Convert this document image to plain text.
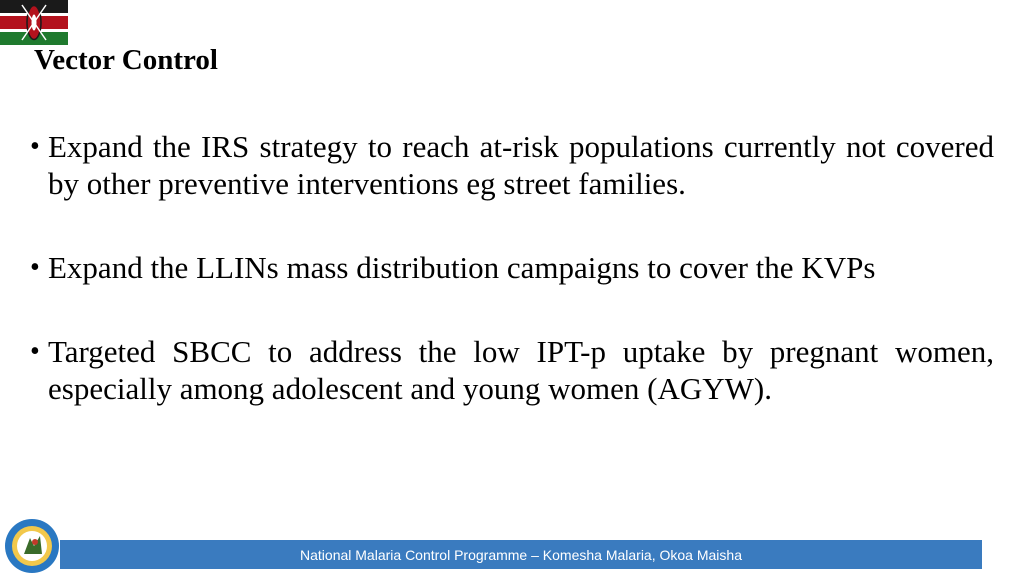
Vector Control
• Expand the IRS strategy to reach at-risk populations currently not covered by other preventive interventions eg street families.
• Expand the LLINs mass distribution campaigns to cover the KVPs
• Targeted SBCC to address the low IPT-p uptake by pregnant women, especially among adolescent and young women (AGYW).
National Malaria Control Programme – Komesha Malaria, Okoa Maisha
